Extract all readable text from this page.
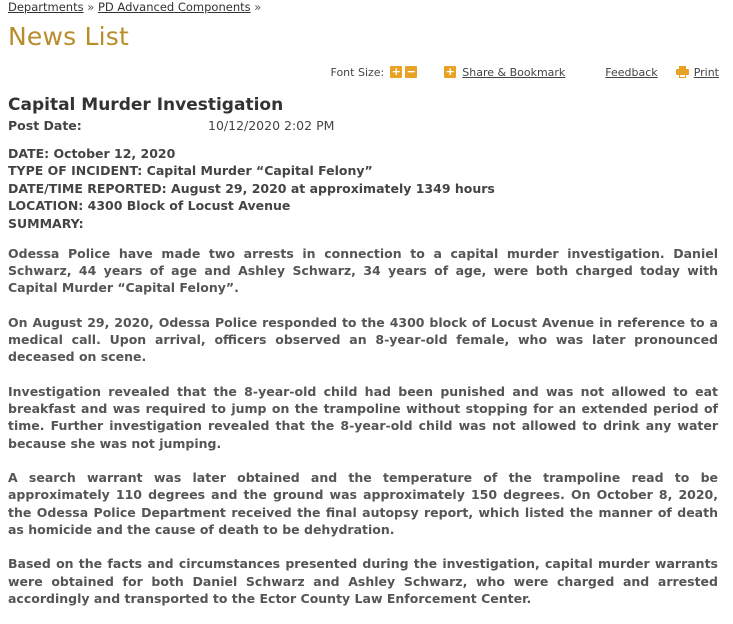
Departments » PD Advanced Components »
News List
Font Size: + −	+ Share & Bookmark	Feedback	Print
Capital Murder Investigation
Post Date:	10/12/2020 2:02 PM
DATE: October 12, 2020
TYPE OF INCIDENT: Capital Murder “Capital Felony”
DATE/TIME REPORTED: August 29, 2020 at approximately 1349 hours
LOCATION: 4300 Block of Locust Avenue
SUMMARY:

Odessa Police have made two arrests in connection to a capital murder investigation. Daniel Schwarz, 44 years of age and Ashley Schwarz, 34 years of age, were both charged today with Capital Murder “Capital Felony”.

On August 29, 2020, Odessa Police responded to the 4300 block of Locust Avenue in reference to a medical call. Upon arrival, officers observed an 8-year-old female, who was later pronounced deceased on scene.

Investigation revealed that the 8-year-old child had been punished and was not allowed to eat breakfast and was required to jump on the trampoline without stopping for an extended period of time. Further investigation revealed that the 8-year-old child was not allowed to drink any water because she was not jumping.

A search warrant was later obtained and the temperature of the trampoline read to be approximately 110 degrees and the ground was approximately 150 degrees. On October 8, 2020, the Odessa Police Department received the final autopsy report, which listed the manner of death as homicide and the cause of death to be dehydration.

Based on the facts and circumstances presented during the investigation, capital murder warrants were obtained for both Daniel Schwarz and Ashley Schwarz, who were charged and arrested accordingly and transported to the Ector County Law Enforcement Center.
